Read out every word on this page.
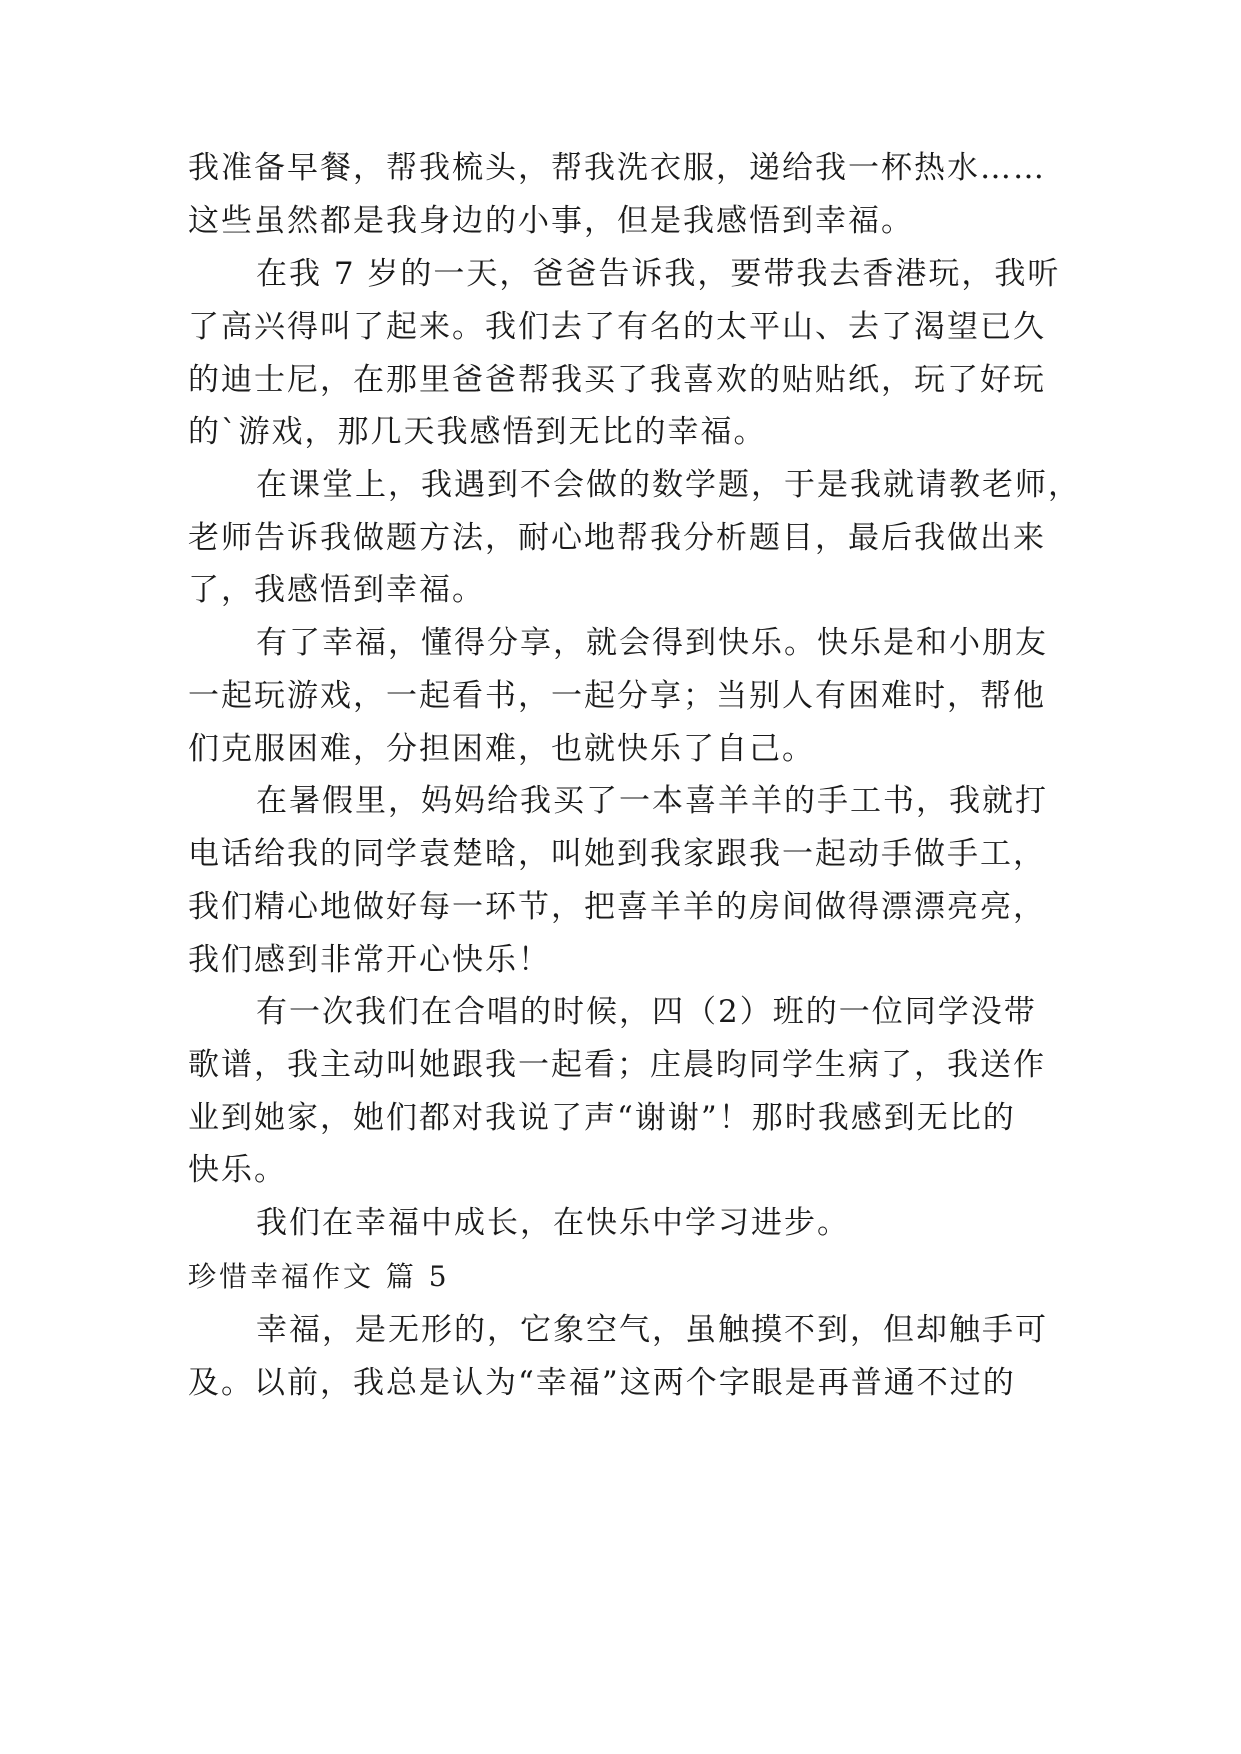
我准备早餐，帮我梳头，帮我洗衣服，递给我一杯热水……
这些虽然都是我身边的小事，但是我感悟到幸福。
在我 7 岁的一天，爸爸告诉我，要带我去香港玩，我听
了高兴得叫了起来。我们去了有名的太平山、去了渴望已久
的迪士尼，在那里爸爸帮我买了我喜欢的贴贴纸，玩了好玩
的`游戏，那几天我感悟到无比的幸福。
在课堂上，我遇到不会做的数学题，于是我就请教老师，
老师告诉我做题方法，耐心地帮我分析题目，最后我做出来
了，我感悟到幸福。
有了幸福，懂得分享，就会得到快乐。快乐是和小朋友
一起玩游戏，一起看书，一起分享；当别人有困难时，帮他
们克服困难，分担困难，也就快乐了自己。
在暑假里，妈妈给我买了一本喜羊羊的手工书，我就打
电话给我的同学袁楚晗，叫她到我家跟我一起动手做手工，
我们精心地做好每一环节，把喜羊羊的房间做得漂漂亮亮，
我们感到非常开心快乐！
有一次我们在合唱的时候，四（2）班的一位同学没带
歌谱，我主动叫她跟我一起看；庄晨昀同学生病了，我送作
业到她家，她们都对我说了声“谢谢”！那时我感到无比的
快乐。
我们在幸福中成长，在快乐中学习进步。
珍惜幸福作文 篇 5
幸福，是无形的，它象空气，虽触摸不到，但却触手可
及。以前，我总是认为“幸福”这两个字眼是再普通不过的
